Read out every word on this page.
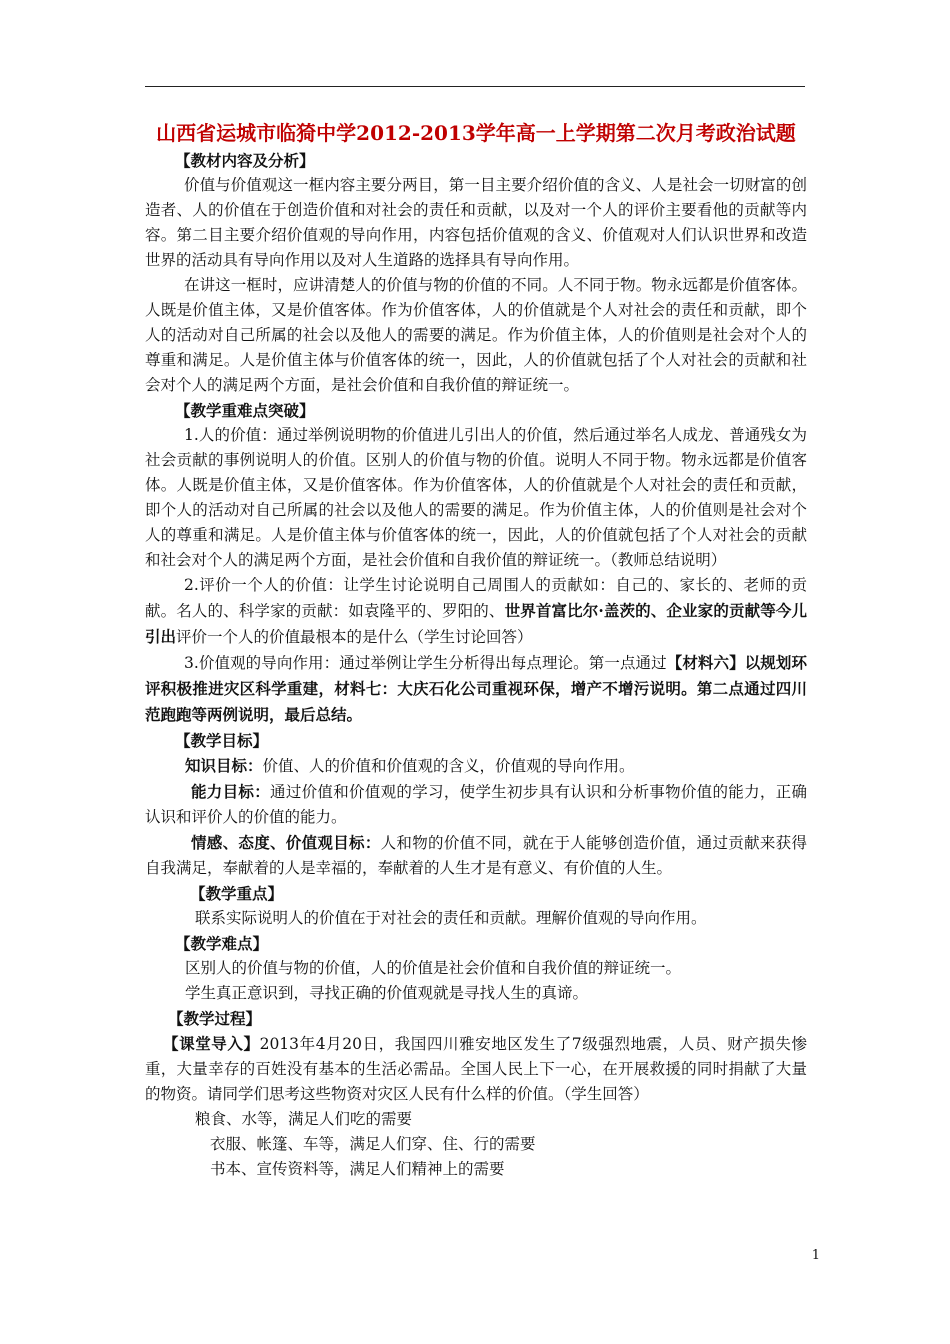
山西省运城市临猗中学2012-2013学年高一上学期第二次月考政治试题

【教材内容及分析】

价值与价值观这一框内容主要分两目，第一目主要介绍价值的含义、人是社会一切财富的创造者、人的价值在于创造价值和对社会的责任和贡献，以及对一个人的评价主要看他的贡献等内容。第二目主要介绍价值观的导向作用，内容包括价值观的含义、价值观对人们认识世界和改造世界的活动具有导向作用以及对人生道路的选择具有导向作用。

在讲这一框时，应讲清楚人的价值与物的价值的不同。人不同于物。物永远都是价值客体。人既是价值主体，又是价值客体。作为价值客体，人的价值就是个人对社会的责任和贡献，即个人的活动对自己所属的社会以及他人的需要的满足。作为价值主体，人的价值则是社会对个人的尊重和满足。人是价值主体与价值客体的统一，因此，人的价值就包括了个人对社会的贡献和社会对个人的满足两个方面，是社会价值和自我价值的辩证统一。

【教学重难点突破】

1.人的价值：通过举例说明物的价值进儿引出人的价值，然后通过举名人成龙、普通残女为社会贡献的事例说明人的价值。区别人的价值与物的价值。说明人不同于物。物永远都是价值客体。人既是价值主体，又是价值客体。作为价值客体，人的价值就是个人对社会的责任和贡献，即个人的活动对自己所属的社会以及他人的需要的满足。作为价值主体，人的价值则是社会对个人的尊重和满足。人是价值主体与价值客体的统一，因此，人的价值就包括了个人对社会的贡献和社会对个人的满足两个方面，是社会价值和自我价值的辩证统一。（教师总结说明）

2.评价一个人的价值：让学生讨论说明自己周围人的贡献如：自己的、家长的、老师的贡献。名人的、科学家的贡献：如袁隆平的、罗阳的、世界首富比尔·盖茨的、企业家的贡献等今儿引出评价一个人的价值最根本的是什么（学生讨论回答）

3.价值观的导向作用：通过举例让学生分析得出每点理论。第一点通过【材料六】以规划环评积极推进灾区科学重建，材料七：大庆石化公司重视环保，增产不增污说明。第二点通过四川范跑跑等两例说明，最后总结。

【教学目标】

知识目标：价值、人的价值和价值观的含义，价值观的导向作用。

能力目标：通过价值和价值观的学习，使学生初步具有认识和分析事物价值的能力，正确认识和评价人的价值的能力。

情感、态度、价值观目标：人和物的价值不同，就在于人能够创造价值，通过贡献来获得自我满足，奉献着的人是幸福的，奉献着的人生才是有意义、有价值的人生。

【教学重点】

联系实际说明人的价值在于对社会的责任和贡献。理解价值观的导向作用。

【教学难点】

区别人的价值与物的价值，人的价值是社会价值和自我价值的辩证统一。

学生真正意识到，寻找正确的价值观就是寻找人生的真谛。

【教学过程】

【课堂导入】2013年4月20日，我国四川雅安地区发生了7级强烈地震，人员、财产损失惨重，大量幸存的百姓没有基本的生活必需品。全国人民上下一心，在开展救援的同时捐献了大量的物资。请同学们思考这些物资对灾区人民有什么样的价值。（学生回答）

粮食、水等，满足人们吃的需要

衣服、帐篷、车等，满足人们穿、住、行的需要

书本、宣传资料等，满足人们精神上的需要

1
